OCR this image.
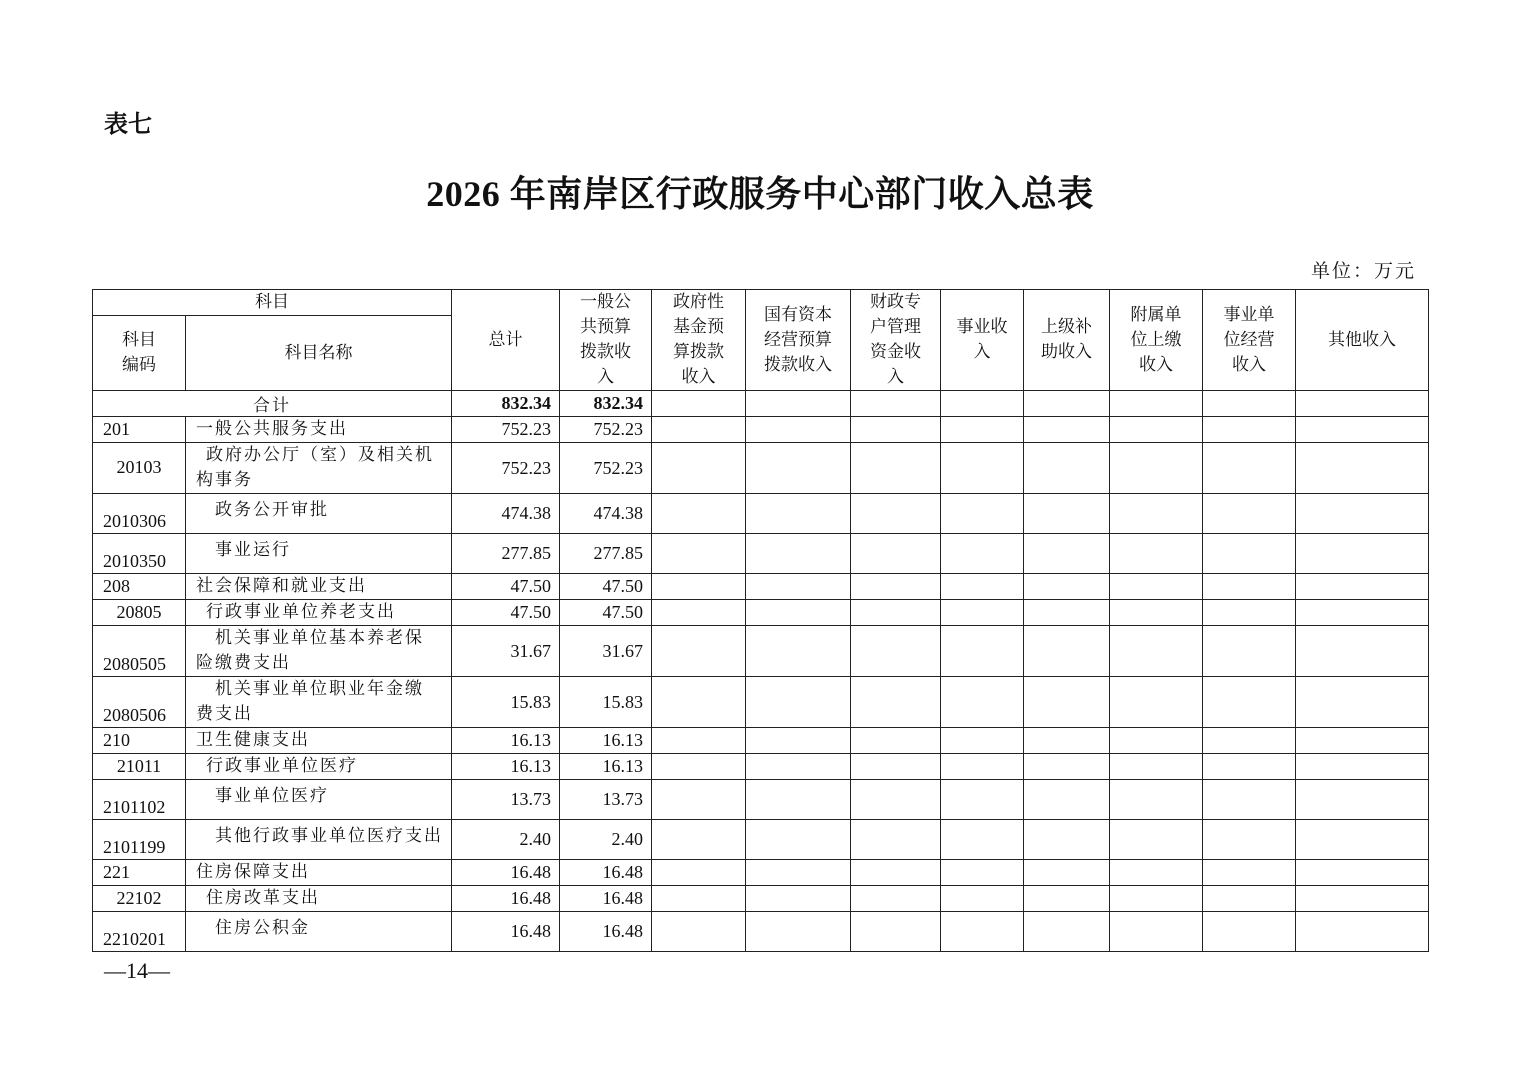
表七
2026 年南岸区行政服务中心部门收入总表
单位：万元
科目		总计	一般公共预算拨款收入	政府性基金预算拨款收入	国有资本经营预算拨款收入	财政专户管理资金收入	事业收入	上级补助收入	附属单位上缴收入	事业单位经营收入	其他收入

科目编码	科目名称										
合计		832.34	832.34								
201	一般公共服务支出	752.23	752.23								
20103	政府办公厅（室）及相关机构事务	752.23	752.23								
2010306	政务公开审批	474.38	474.38								
2010350	事业运行	277.85	277.85								
208	社会保障和就业支出	47.50	47.50								
20805	行政事业单位养老支出	47.50	47.50								
2080505	机关事业单位基本养老保险缴费支出	31.67	31.67								
2080506	机关事业单位职业年金缴费支出	15.83	15.83								
210	卫生健康支出	16.13	16.13								
21011	行政事业单位医疗	16.13	16.13								
2101102	事业单位医疗	13.73	13.73								
2101199	其他行政事业单位医疗支出	2.40	2.40								
221	住房保障支出	16.48	16.48								
22102	住房改革支出	16.48	16.48								
2210201	住房公积金	16.48	16.48								
—14—
